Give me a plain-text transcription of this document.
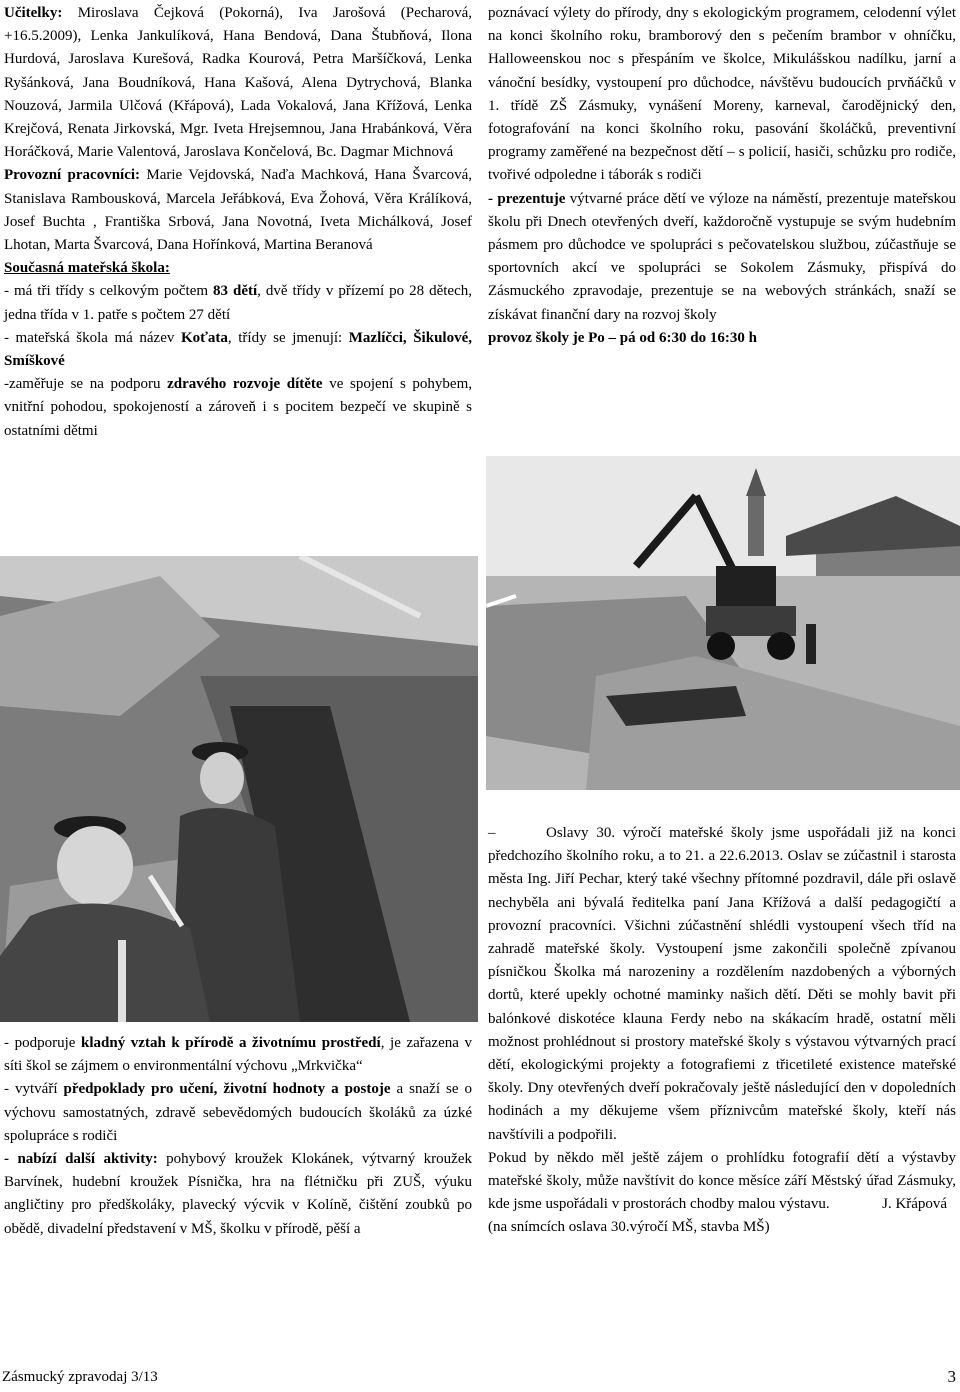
Učitelky: Miroslava Čejková (Pokorná), Iva Jarošová (Pecharová, +16.5.2009), Lenka Jankulíková, Hana Bendová, Dana Štubňová, Ilona Hurdová, Jaroslava Kurešová, Radka Kourová, Petra Maršíčková, Lenka Ryšánková, Jana Boudníková, Hana Kašová, Alena Dytrychová, Blanka Nouzová, Jarmila Ulčová (Křápová), Lada Vokalová, Jana Křížová, Lenka Krejčová, Renata Jirkovská, Mgr. Iveta Hrejsemnou, Jana Hrabánková, Věra Horáčková, Marie Valentová, Jaroslava Končelová, Bc. Dagmar Michnová

Provozní pracovníci: Marie Vejdovská, Naďa Machková, Hana Švarcová, Stanislava Rambousková, Marcela Jeřábková, Eva Žohová, Věra Králíková, Josef Buchta , Františka Srbová, Jana Novotná, Iveta Michálková, Josef Lhotan, Marta Švarcová, Dana Hořínková, Martina Beranová

Současná mateřská škola:

- má tři třídy s celkovým počtem 83 dětí, dvě třídy v přízemí po 28 dětech, jedna třída v 1. patře s počtem 27 dětí

- mateřská škola má název Koťata, třídy se jmenují: Mazlíčci, Šikulové, Smíškové

-zaměřuje se na podporu zdravého rozvoje dítěte ve spojení s pohybem, vnitřní pohodou, spokojeností a zároveň i s pocitem bezpečí ve skupině s ostatními dětmi

- podporuje kladný vztah k přírodě a životnímu prostředí, je zařazena v síti škol se zájmem o environmentální výchovu „Mrkvička“

- vytváří předpoklady pro učení, životní hodnoty a postoje a snaží se o výchovu samostatných, zdravě sebevědomých budoucích školáků za úzké spolupráce s rodiči

- nabízí další aktivity: pohybový kroužek Klokánek, výtvarný kroužek Barvínek, hudební kroužek Písnička, hra na flétničku při ZUŠ, výuku angličtiny pro předškoláky, plavecký výcvik v Kolíně, čištění zoubků po obědě, divadelní představení v MŠ, školku v přírodě, pěší a

poznávací výlety do přírody, dny s ekologickým programem, celodenní výlet na konci školního roku, bramborový den s pečením brambor v ohníčku, Halloweenskou noc s přespáním ve školce, Mikulášskou nadílku, jarní a vánoční besídky, vystoupení pro důchodce, návštěvu budoucích prvňáčků v 1. třídě ZŠ Zásmuky, vynášení Moreny, karneval, čarodějnický den, fotografování na konci školního roku, pasování školáčků, preventivní programy zaměřené na bezpečnost dětí – s policií, hasiči, schůzku pro rodiče, tvořivé odpoledne i táborák s rodiči

- prezentuje výtvarné práce dětí ve výloze na náměstí, prezentuje mateřskou školu při Dnech otevřených dveří, každoročně vystupuje se svým hudebním pásmem pro důchodce ve spolupráci s pečovatelskou službou, zúčastňuje se sportovních akcí ve spolupráci se Sokolem Zásmuky, přispívá do Zásmuckého zpravodaje, prezentuje se na webových stránkách, snaží se získávat finanční dary na rozvoj školy

provoz školy je Po – pá od 6:30 do 16:30 h

–	Oslavy 30. výročí mateřské školy jsme uspořádali již na konci předchozího školního roku, a to 21. a 22.6.2013. Oslav se zúčastnil i starosta města Ing. Jiří Pechar, který také všechny přítomné pozdravil, dále při oslavě nechyběla ani bývalá ředitelka paní Jana Křížová a další pedagogičtí a provozní pracovníci. Všichni zúčastnění shlédli vystoupení všech tříd na zahradě mateřské školy. Vystoupení jsme zakončili společně zpívanou písničkou Školka má narozeniny a rozdělením nazdobených a výborných dortů, které upekly ochotné maminky našich dětí. Děti se mohly bavit při balónkové diskotéce klauna Ferdy nebo na skákacím hradě, ostatní měli možnost prohlédnout si prostory mateřské školy s výstavou výtvarných prací dětí, ekologickými projekty a fotografiemi z třicetileté existence mateřské školy. Dny otevřených dveří pokračovaly ještě následující den v dopoledních hodinách a my děkujeme všem příznivcům mateřské školy, kteří nás navštívili a podpořili.

Pokud by někdo měl ještě zájem o prohlídku fotografií dětí a výstavby mateřské školy, může navštívit do konce měsíce září Městský úřad Zásmuky, kde jsme uspořádali v prostorách chodby malou výstavu.	J. Křápová

(na snímcích oslava 30.výročí MŠ, stavba MŠ)

Zásmucký zpravodaj 3/13	3
